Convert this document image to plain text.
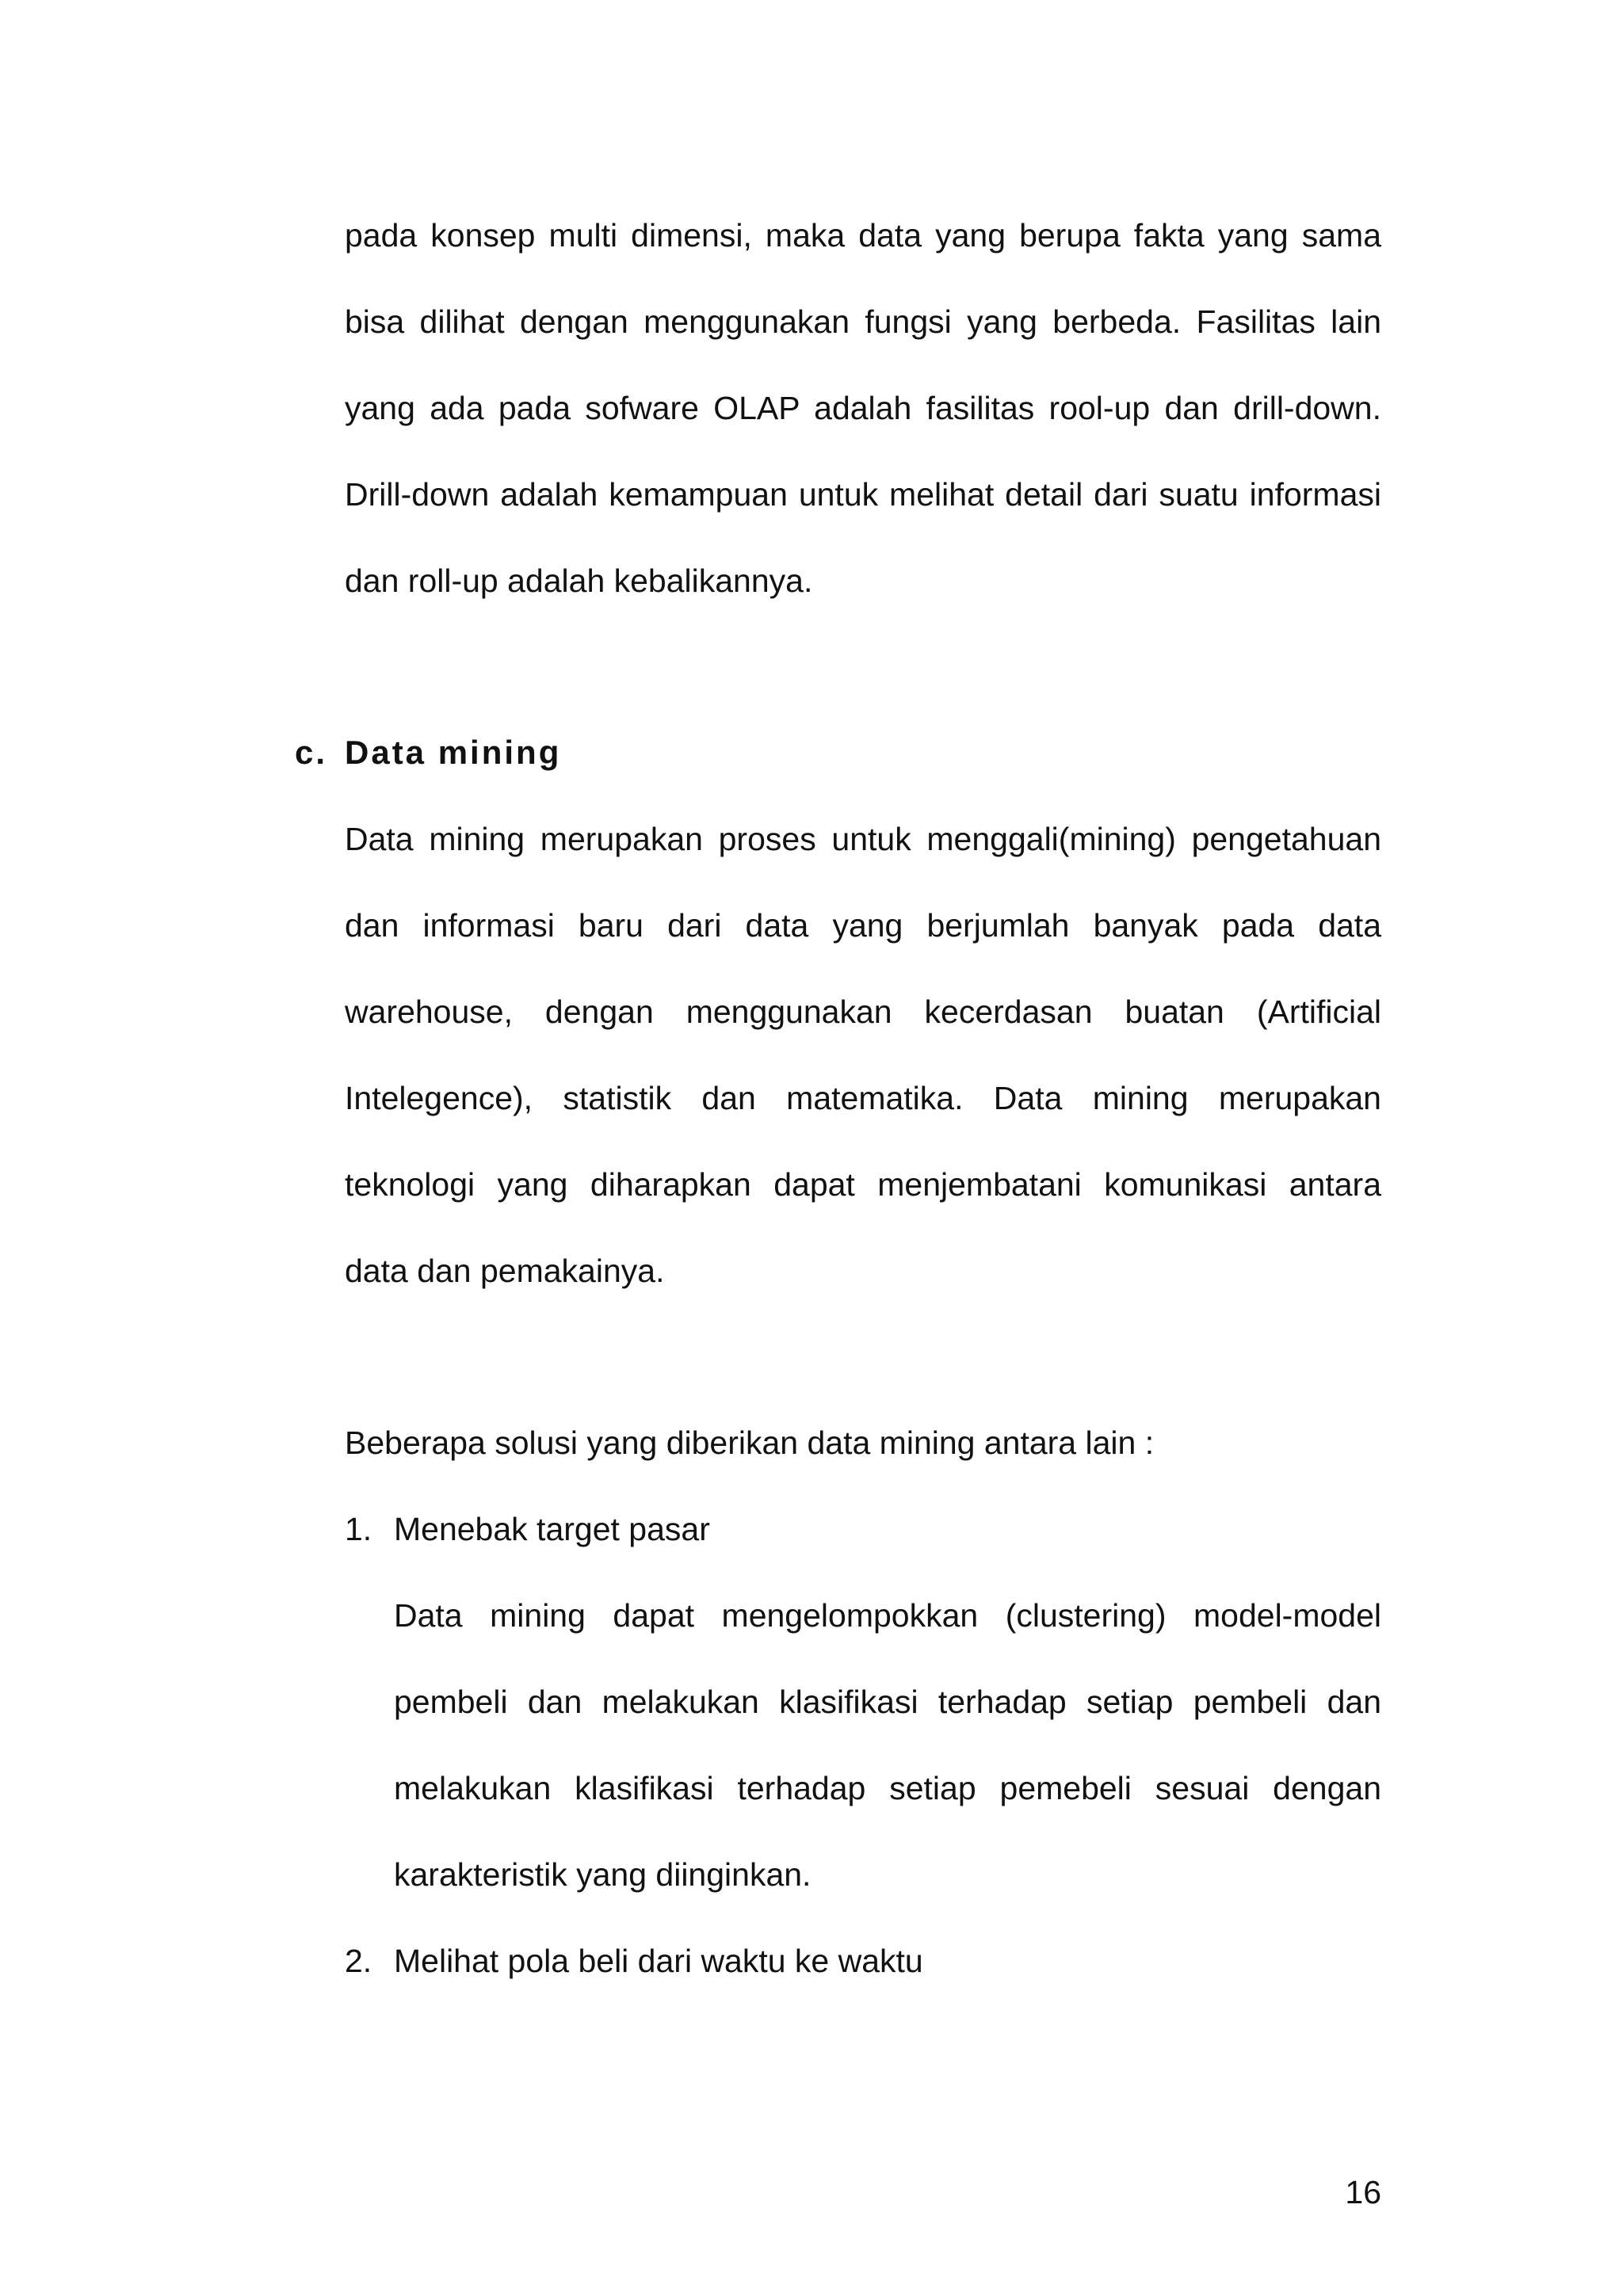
pada konsep multi dimensi, maka data yang berupa fakta yang sama
bisa dilihat dengan menggunakan fungsi yang berbeda. Fasilitas lain
yang ada pada sofware OLAP adalah fasilitas rool-up dan drill-down.
Drill-down adalah kemampuan untuk melihat detail dari suatu informasi
dan roll-up adalah kebalikannya.
c. Data mining
Data mining merupakan proses untuk menggali(mining) pengetahuan
dan informasi baru dari data yang berjumlah banyak pada data
warehouse, dengan menggunakan kecerdasan buatan (Artificial
Intelegence), statistik dan matematika. Data mining merupakan
teknologi yang diharapkan dapat menjembatani komunikasi antara
data dan pemakainya.
Beberapa solusi yang diberikan data mining antara lain :
1. Menebak target pasar
Data mining dapat mengelompokkan (clustering) model-model
pembeli dan melakukan klasifikasi terhadap setiap pembeli dan
melakukan klasifikasi terhadap setiap pemebeli sesuai dengan
karakteristik yang diinginkan.
2. Melihat pola beli dari waktu ke waktu
16
